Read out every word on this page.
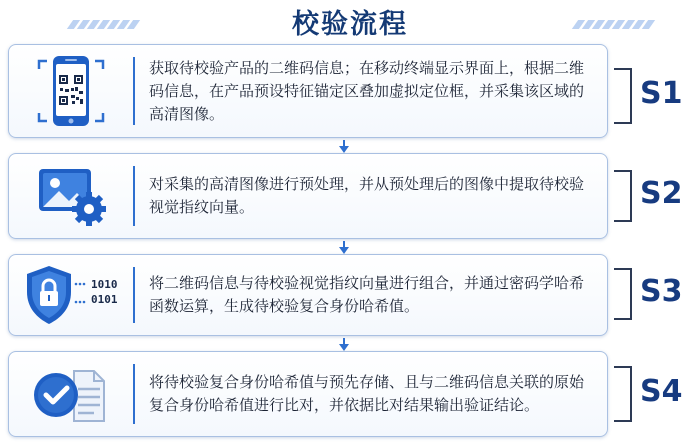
校验流程
获取待校验产品的二维码信息；在移动终端显示界面上，根据二维码信息，在产品预设特征锚定区叠加虚拟定位框，并采集该区域的高清图像。
对采集的高清图像进行预处理，并从预处理后的图像中提取待校验视觉指纹向量。
1010
0101
将二维码信息与待校验视觉指纹向量进行组合，并通过密码学哈希函数运算，生成待校验复合身份哈希值。
将待校验复合身份哈希值与预先存储、且与二维码信息关联的原始复合身份哈希值进行比对，并依据比对结果输出验证结论。
S1
S2
S3
S4
